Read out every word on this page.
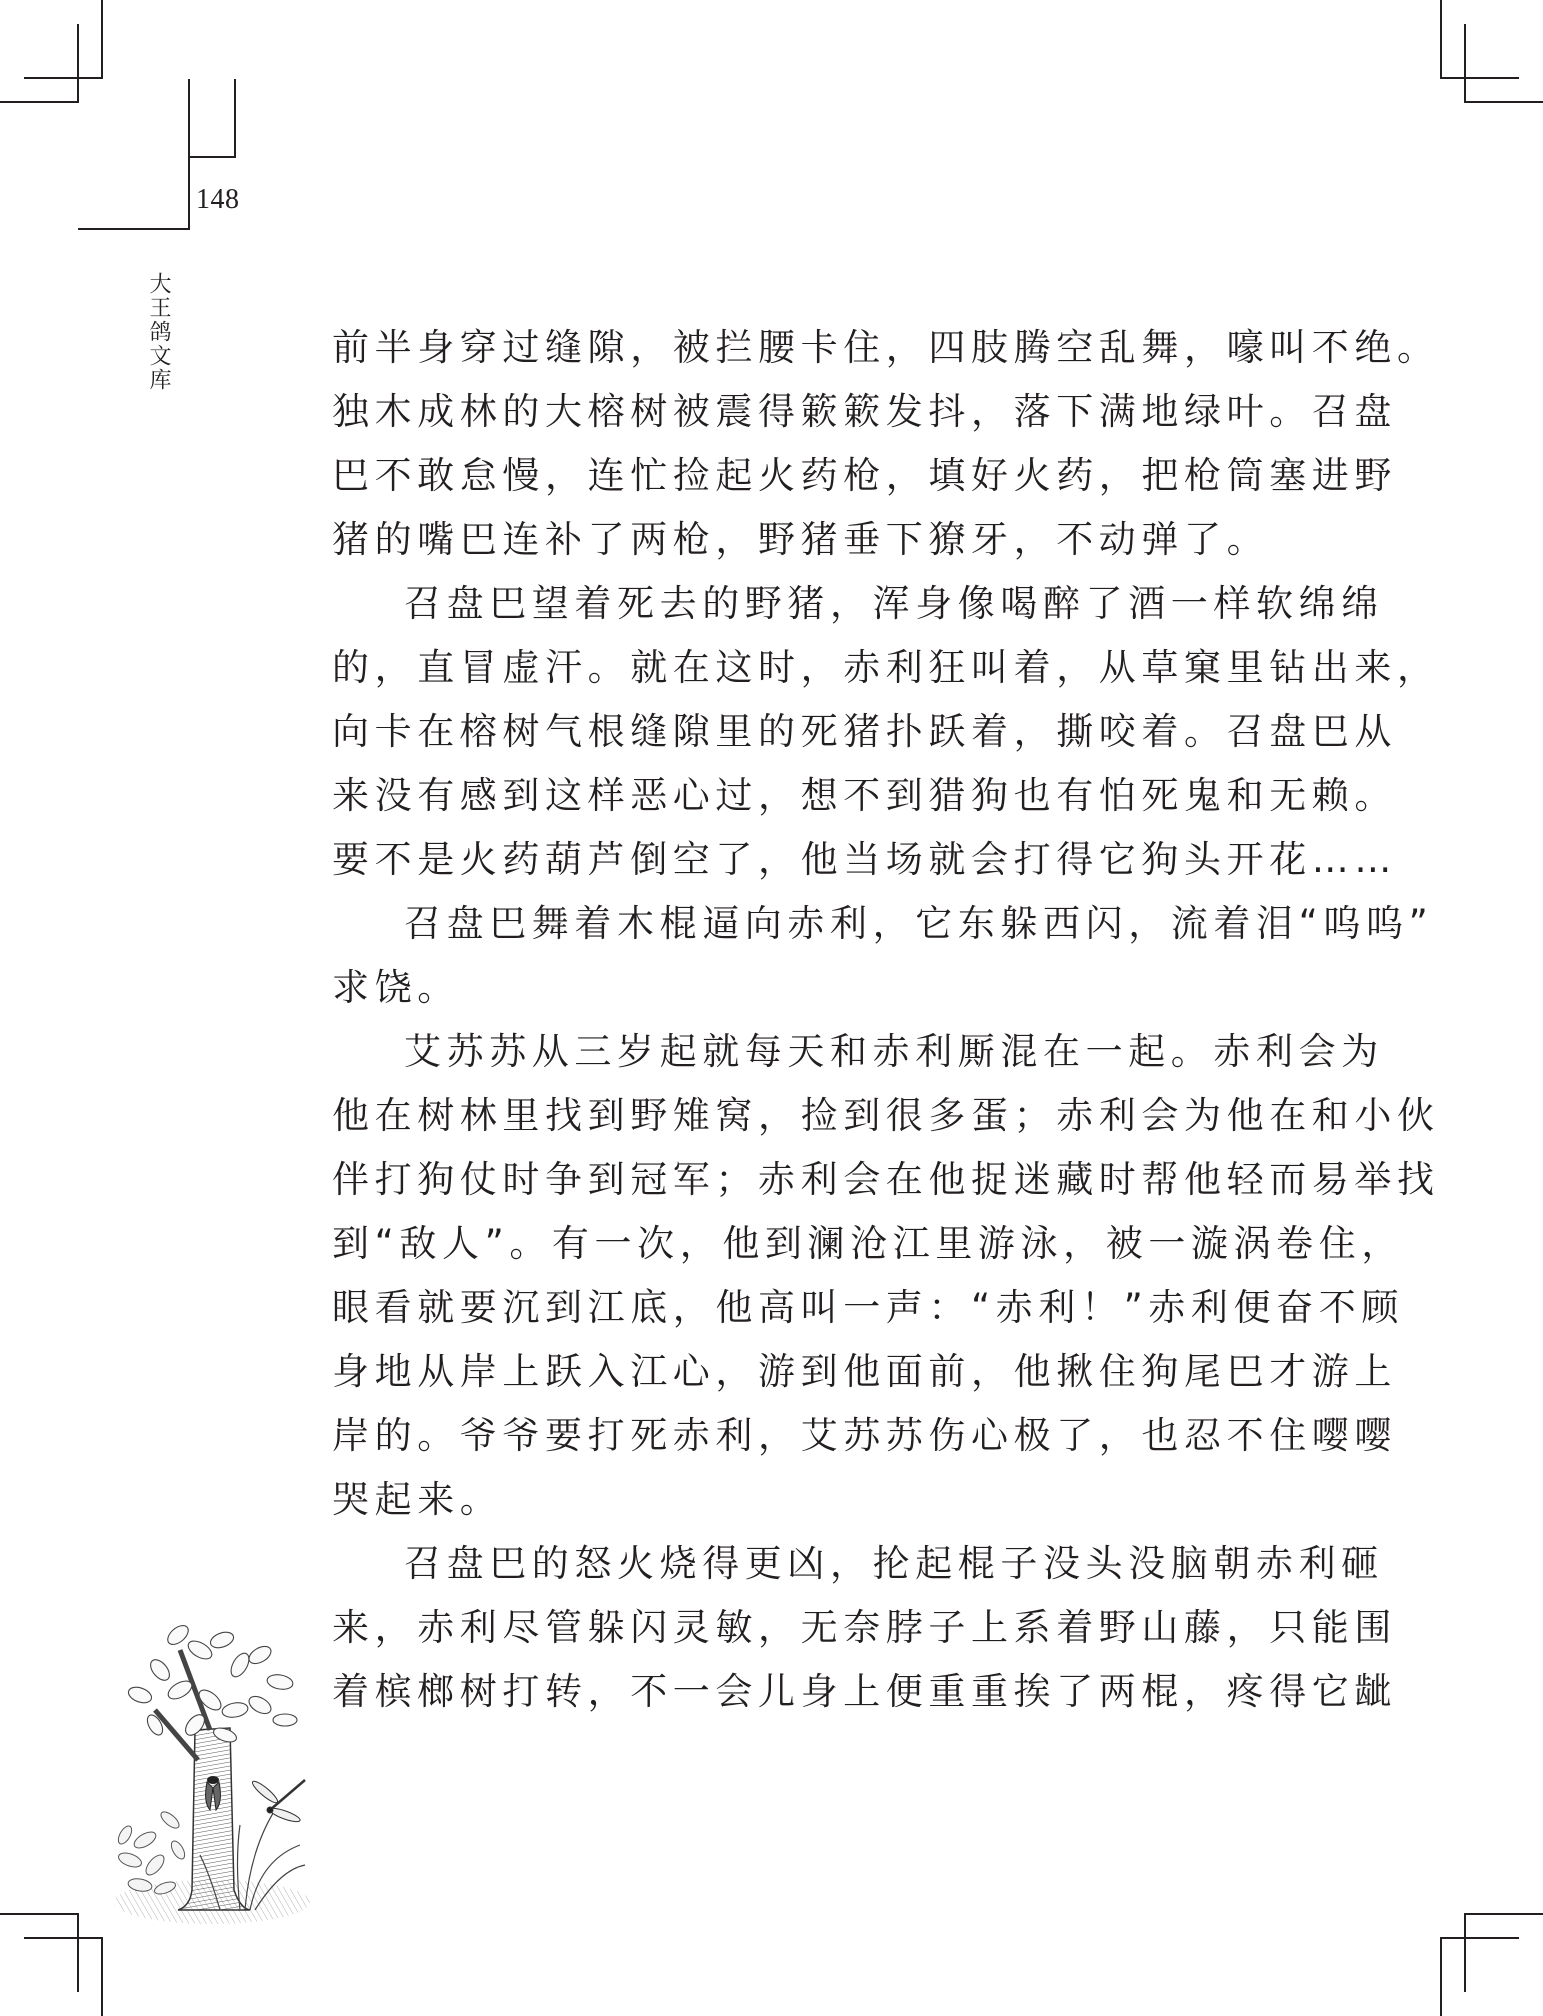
148
大王鸽文库	前半身穿过缝隙，被拦腰卡住，四肢腾空乱舞，嚎叫不绝。
独木成林的大榕树被震得簌簌发抖，落下满地绿叶。召盘
巴不敢怠慢，连忙捡起火药枪，填好火药，把枪筒塞进野
猪的嘴巴连补了两枪，野猪垂下獠牙，不动弹了。
召盘巴望着死去的野猪，浑身像喝醉了酒一样软绵绵
的，直冒虚汗。就在这时，赤利狂叫着，从草窠里钻出来，
向卡在榕树气根缝隙里的死猪扑跃着，撕咬着。召盘巴从
来没有感到这样恶心过，想不到猎狗也有怕死鬼和无赖。
要不是火药葫芦倒空了，他当场就会打得它狗头开花……
召盘巴舞着木棍逼向赤利，它东躲西闪，流着泪“呜呜”
求饶。
艾苏苏从三岁起就每天和赤利厮混在一起。赤利会为
他在树林里找到野雉窝，捡到很多蛋；赤利会为他在和小伙
伴打狗仗时争到冠军；赤利会在他捉迷藏时帮他轻而易举找
到“敌人”。有一次，他到澜沧江里游泳，被一漩涡卷住，
眼看就要沉到江底，他高叫一声：“赤利！”赤利便奋不顾
身地从岸上跃入江心，游到他面前，他揪住狗尾巴才游上
岸的。爷爷要打死赤利，艾苏苏伤心极了，也忍不住嘤嘤
哭起来。
召盘巴的怒火烧得更凶，抡起棍子没头没脑朝赤利砸
来，赤利尽管躲闪灵敏，无奈脖子上系着野山藤，只能围
着槟榔树打转，不一会儿身上便重重挨了两棍，疼得它龇
